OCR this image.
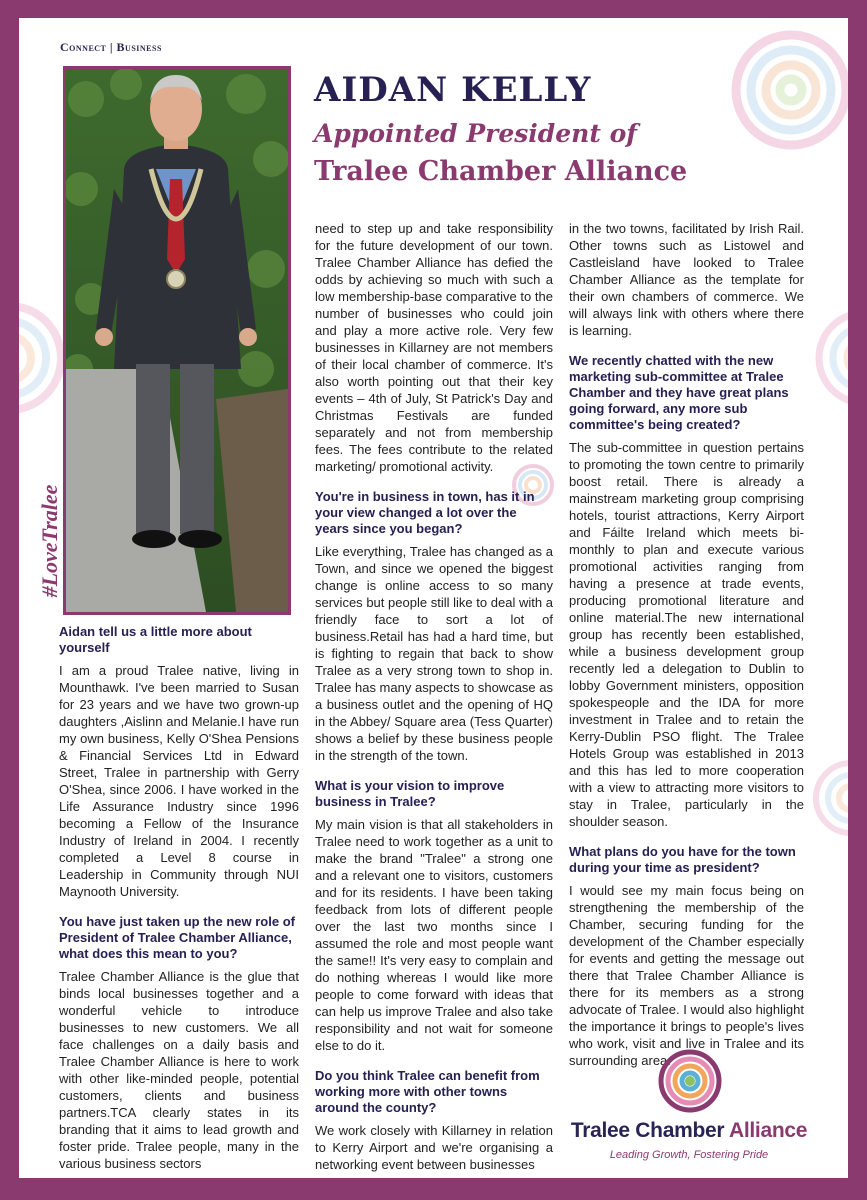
Connect | Business
AIDAN KELLY
Appointed President of
Tralee Chamber Alliance
#LoveTralee
Aidan tell us a little more about yourself

I am a proud Tralee native, living in Mounthawk. I've been married to Susan for 23 years and we have two grown-up daughters ,Aislinn and Melanie.I have run my own business, Kelly O'Shea Pensions & Financial Services Ltd in Edward Street, Tralee in partnership with Gerry O'Shea, since 2006. I have worked in the Life Assurance Industry since 1996 becoming a Fellow of the Insurance Industry of Ireland in 2004. I recently completed a Level 8 course in Leadership in Community through NUI Maynooth University.

You have just taken up the new role of President of Tralee Chamber Alliance, what does this mean to you?

Tralee Chamber Alliance is the glue that binds local businesses together and a wonderful vehicle to introduce businesses to new customers. We all face challenges on a daily basis and Tralee Chamber Alliance is here to work with other like-minded people, potential customers, clients and business partners.TCA clearly states in its branding that it aims to lead growth and foster pride. Tralee people, many in the various business sectors

need to step up and take responsibility for the future development of our town. Tralee Chamber Alliance has defied the odds by achieving so much with such a low membership-base comparative to the number of businesses who could join and play a more active role. Very few businesses in Killarney are not members of their local chamber of commerce. It's also worth pointing out that their key events – 4th of July, St Patrick's Day and Christmas Festivals are funded separately and not from membership fees. The fees contribute to the related marketing/ promotional activity.

You're in business in town, has it in your view changed a lot over the years since you began?

Like everything, Tralee has changed as a Town, and since we opened the biggest change is online access to so many services but people still like to deal with a friendly face to sort a lot of business.Retail has had a hard time, but is fighting to regain that back to show Tralee as a very strong town to shop in. Tralee has many aspects to showcase as a business outlet and the opening of HQ in the Abbey/ Square area (Tess Quarter) shows a belief by these business people in the strength of the town.

What is your vision to improve business in Tralee?

My main vision is that all stakeholders in Tralee need to work together as a unit to make the brand "Tralee" a strong one and a relevant one to visitors, customers and for its residents. I have been taking feedback from lots of different people over the last two months since I assumed the role and most people want the same!! It's very easy to complain and do nothing whereas I would like more people to come forward with ideas that can help us improve Tralee and also take responsibility and not wait for someone else to do it.

Do you think Tralee can benefit from working more with other towns around the county?

We work closely with Killarney in relation to Kerry Airport and we're organising a networking event between businesses

in the two towns, facilitated by Irish Rail. Other towns such as Listowel and Castleisland have looked to Tralee Chamber Alliance as the template for their own chambers of commerce. We will always link with others where there is learning.

We recently chatted with the new marketing sub-committee at Tralee Chamber and they have great plans going forward, any more sub committee's being created?

The sub-committee in question pertains to promoting the town centre to primarily boost retail. There is already a mainstream marketing group comprising hotels, tourist attractions, Kerry Airport and Fáilte Ireland which meets bi-monthly to plan and execute various promotional activities ranging from having a presence at trade events, producing promotional literature and online material.The new international group has recently been established, while a business development group recently led a delegation to Dublin to lobby Government ministers, opposition spokespeople and the IDA for more investment in Tralee and to retain the Kerry-Dublin PSO flight. The Tralee Hotels Group was established in 2013 and this has led to more cooperation with a view to attracting more visitors to stay in Tralee, particularly in the shoulder season.

What plans do you have for the town during your time as president?

I would see my main focus being on strengthening the membership of the Chamber, securing funding for the development of the Chamber especially for events and getting the message out there that Tralee Chamber Alliance is there for its members as a strong advocate of Tralee. I would also highlight the importance it brings to people's lives who work, visit and live in Tralee and its surrounding area.

Tralee Chamber Alliance
Leading Growth, Fostering Pride
